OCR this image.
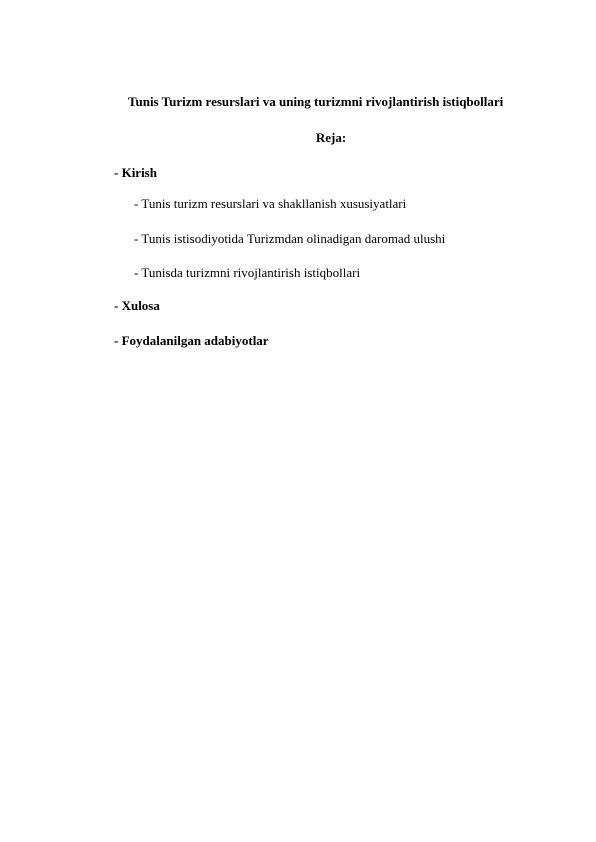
Tunis Turizm resurslari va uning turizmni rivojlantirish istiqbollari
Reja:
- Kirish
- Tunis turizm resurslari va shakllanish xususiyatlari
- Tunis istisodiyotida Turizmdan olinadigan daromad ulushi
- Tunisda turizmni rivojlantirish istiqbollari
- Xulosa
- Foydalanilgan adabiyotlar
